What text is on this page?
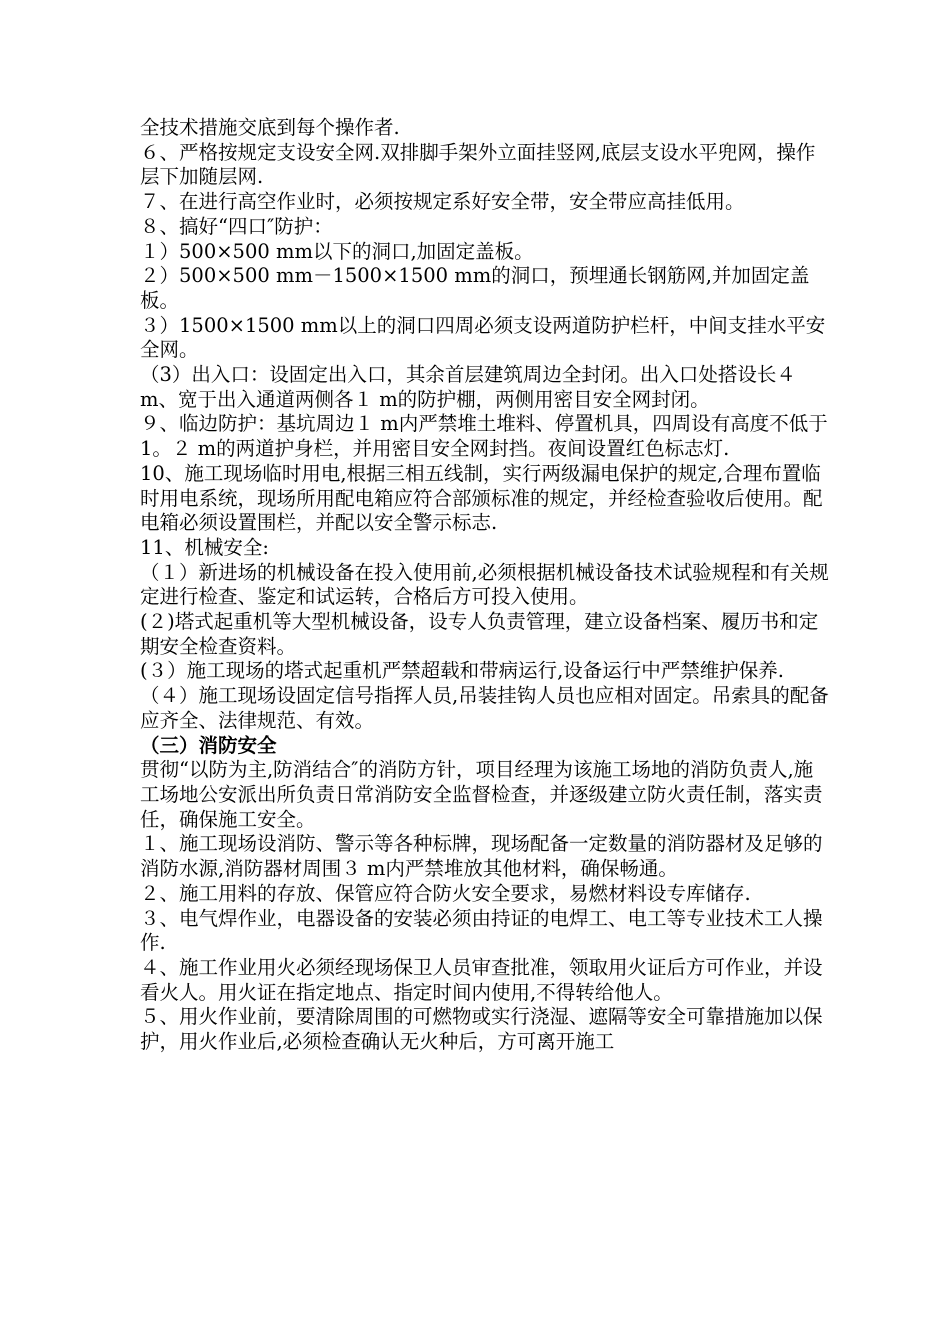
全技术措施交底到每个操作者.

６、严格按规定支设安全网.双排脚手架外立面挂竖网,底层支设水平兜网，操作层下加随层网.

７、在进行高空作业时，必须按规定系好安全带，安全带应高挂低用。

８、搞好“四口″防护：

１）500×500 mm以下的洞口,加固定盖板。

２）500×500 mm－1500×1500 mm的洞口，预埋通长钢筋网,并加固定盖板。

３）1500×1500 mm以上的洞口四周必须支设两道防护栏杆，中间支挂水平安全网。

（3）出入口：设固定出入口，其余首层建筑周边全封闭。出入口处搭设长４ m、宽于出入通道两侧各１ m的防护棚，两侧用密目安全网封闭。

９、临边防护：基坑周边１ m内严禁堆土堆料、停置机具，四周设有高度不低于1。２ m的两道护身栏，并用密目安全网封挡。夜间设置红色标志灯.

10、施工现场临时用电,根据三相五线制，实行两级漏电保护的规定,合理布置临时用电系统，现场所用配电箱应符合部颁标准的规定，并经检查验收后使用。配电箱必须设置围栏，并配以安全警示标志.

11、机械安全:

（１）新进场的机械设备在投入使用前,必须根据机械设备技术试验规程和有关规定进行检查、鉴定和试运转，合格后方可投入使用。

(２)塔式起重机等大型机械设备，设专人负责管理，建立设备档案、履历书和定期安全检查资料。

(３）施工现场的塔式起重机严禁超载和带病运行,设备运行中严禁维护保养.

（４）施工现场设固定信号指挥人员,吊装挂钩人员也应相对固定。吊索具的配备应齐全、法律规范、有效。

（三）消防安全

贯彻“以防为主,防消结合″的消防方针，项目经理为该施工场地的消防负责人,施工场地公安派出所负责日常消防安全监督检查，并逐级建立防火责任制，落实责任，确保施工安全。

１、施工现场设消防、警示等各种标牌，现场配备一定数量的消防器材及足够的消防水源,消防器材周围３ m内严禁堆放其他材料，确保畅通。

２、施工用料的存放、保管应符合防火安全要求，易燃材料设专库储存.

３、电气焊作业，电器设备的安装必须由持证的电焊工、电工等专业技术工人操作.

４、施工作业用火必须经现场保卫人员审查批准，领取用火证后方可作业，并设看火人。用火证在指定地点、指定时间内使用,不得转给他人。

５、用火作业前，要清除周围的可燃物或实行浇湿、遮隔等安全可靠措施加以保护，用火作业后,必须检查确认无火种后，方可离开施工
